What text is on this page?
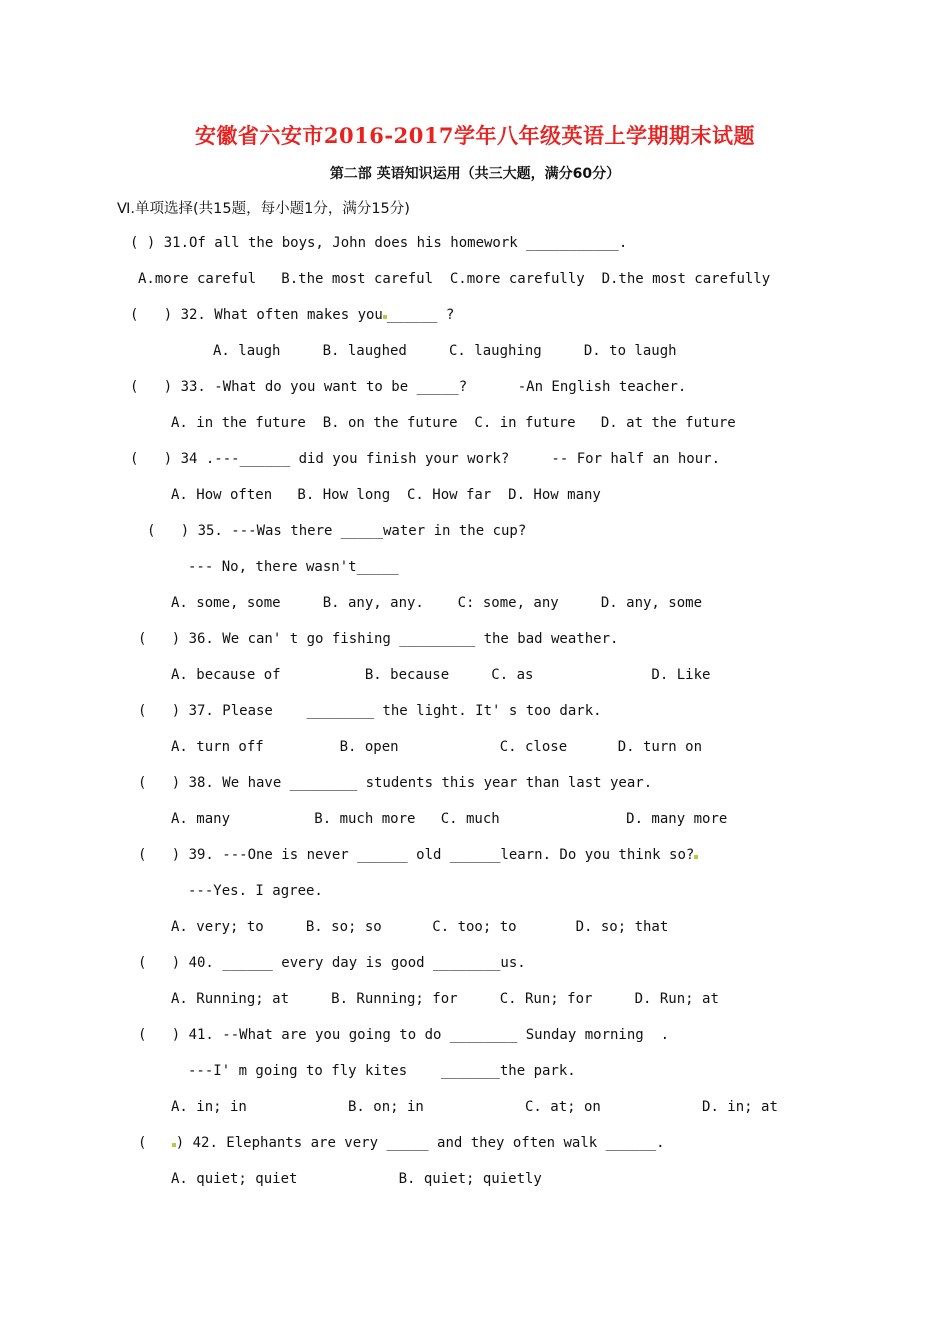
安徽省六安市2016-2017学年八年级英语上学期期末试题
第二部 英语知识运用（共三大题，满分60分）
Ⅵ.单项选择(共15题，每小题1分，满分15分)
( ) 31.Of all the boys, John does his homework ___________.
A.more careful   B.the most careful  C.more carefully  D.the most carefully
(   ) 32. What often makes you ______ ?
A. laugh     B. laughed     C. laughing     D. to laugh
(   ) 33. -What do you want to be _____?      -An English teacher.
A. in the future  B. on the future  C. in future   D. at the future
(   ) 34 .---______ did you finish your work?     -- For half an hour.
A. How often   B. How long  C. How far  D. How many
(   ) 35. ---Was there _____water in the cup?
--- No, there wasn't_____
A. some, some     B. any, any.    C: some, any     D. any, some
(   ) 36. We can' t go fishing _________ the bad weather.
A. because of          B. because     C. as              D. Like
(   ) 37. Please    ________ the light. It' s too dark.
A. turn off         B. open            C. close      D. turn on
(   ) 38. We have ________ students this year than last year.
A. many          B. much more   C. much               D. many more
(   ) 39. ---One is never ______ old ______learn. Do you think so?
---Yes. I agree.
A. very; to     B. so; so      C. too; to       D. so; that
(   ) 40. ______ every day is good ________us.
A. Running; at     B. Running; for     C. Run; for     D. Run; at
(   ) 41. --What are you going to do ________ Sunday morning  .
---I' m going to fly kites    _______the park.
A. in; in            B. on; in            C. at; on            D. in; at
( ) 42. Elephants are very _____ and they often walk ______.
A. quiet; quiet            B. quiet; quietly
